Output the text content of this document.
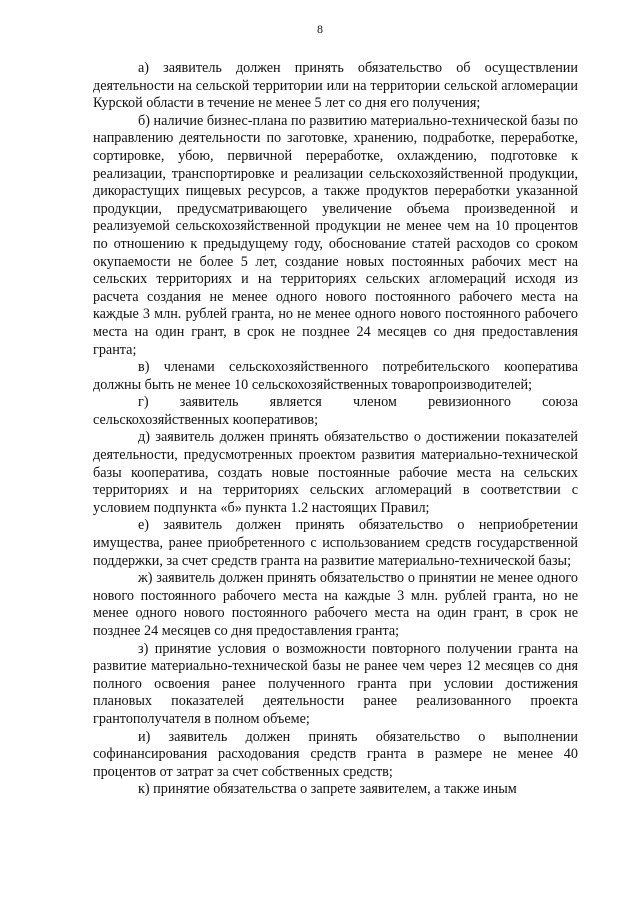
8

а) заявитель должен принять обязательство об осуществлении деятельности на сельской территории или на территории сельской агломерации Курской области в течение не менее 5 лет со дня его получения;

б) наличие бизнес-плана по развитию материально-технической базы по направлению деятельности по заготовке, хранению, подработке, переработке, сортировке, убою, первичной переработке, охлаждению, подготовке к реализации, транспортировке и реализации сельскохозяйственной продукции, дикорастущих пищевых ресурсов, а также продуктов переработки указанной продукции, предусматривающего увеличение объема произведенной и реализуемой сельскохозяйственной продукции не менее чем на 10 процентов по отношению к предыдущему году, обоснование статей расходов со сроком окупаемости не более 5 лет, создание новых постоянных рабочих мест на сельских территориях и на территориях сельских агломераций исходя из расчета создания не менее одного нового постоянного рабочего места на каждые 3 млн. рублей гранта, но не менее одного нового постоянного рабочего места на один грант, в срок не позднее 24 месяцев со дня предоставления гранта;

в) членами сельскохозяйственного потребительского кооператива должны быть не менее 10 сельскохозяйственных товаропроизводителей;

г) заявитель является членом ревизионного союза сельскохозяйственных кооперативов;

д) заявитель должен принять обязательство о достижении показателей деятельности, предусмотренных проектом развития материально-технической базы кооператива, создать новые постоянные рабочие места на сельских территориях и на территориях сельских агломераций в соответствии с условием подпункта «б» пункта 1.2 настоящих Правил;

е) заявитель должен принять обязательство о неприобретении имущества, ранее приобретенного с использованием средств государственной поддержки, за счет средств гранта на развитие материально-технической базы;

ж) заявитель должен принять обязательство о принятии не менее одного нового постоянного рабочего места на каждые 3 млн. рублей гранта, но не менее одного нового постоянного рабочего места на один грант, в срок не позднее 24 месяцев со дня предоставления гранта;

з) принятие условия о возможности повторного получении гранта на развитие материально-технической базы не ранее чем через 12 месяцев со дня полного освоения ранее полученного гранта при условии достижения плановых показателей деятельности ранее реализованного проекта грантополучателя в полном объеме;

и) заявитель должен принять обязательство о выполнении софинансирования расходования средств гранта в размере не менее 40 процентов от затрат за счет собственных средств;

к) принятие обязательства о запрете заявителем, а также иным
